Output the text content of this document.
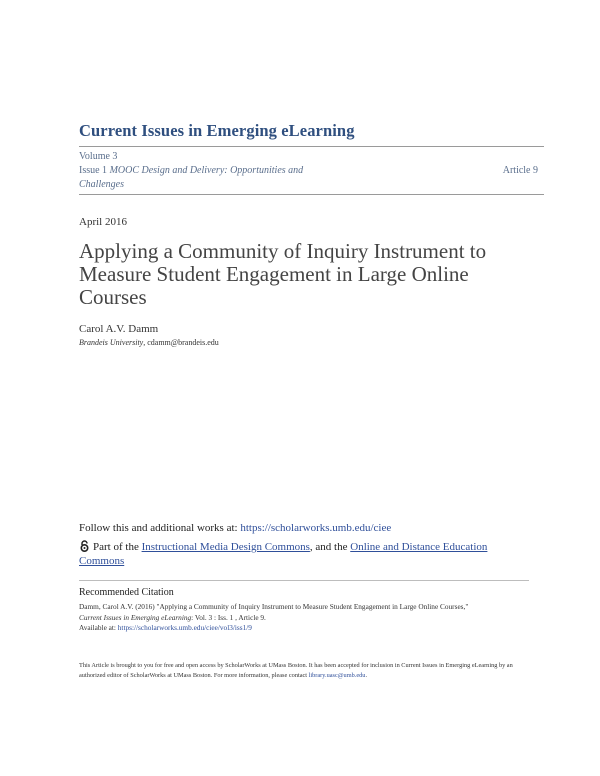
Current Issues in Emerging eLearning
Volume 3
Issue 1 MOOC Design and Delivery: Opportunities and Challenges
Article 9
April 2016
Applying a Community of Inquiry Instrument to Measure Student Engagement in Large Online Courses
Carol A.V. Damm
Brandeis University, cdamm@brandeis.edu
Follow this and additional works at: https://scholarworks.umb.edu/ciee
Part of the Instructional Media Design Commons, and the Online and Distance Education Commons
Recommended Citation
Damm, Carol A.V. (2016) "Applying a Community of Inquiry Instrument to Measure Student Engagement in Large Online Courses,"
Current Issues in Emerging eLearning: Vol. 3 : Iss. 1 , Article 9.
Available at: https://scholarworks.umb.edu/ciee/vol3/iss1/9
This Article is brought to you for free and open access by ScholarWorks at UMass Boston. It has been accepted for inclusion in Current Issues in Emerging eLearning by an authorized editor of ScholarWorks at UMass Boston. For more information, please contact library.uasc@umb.edu.
